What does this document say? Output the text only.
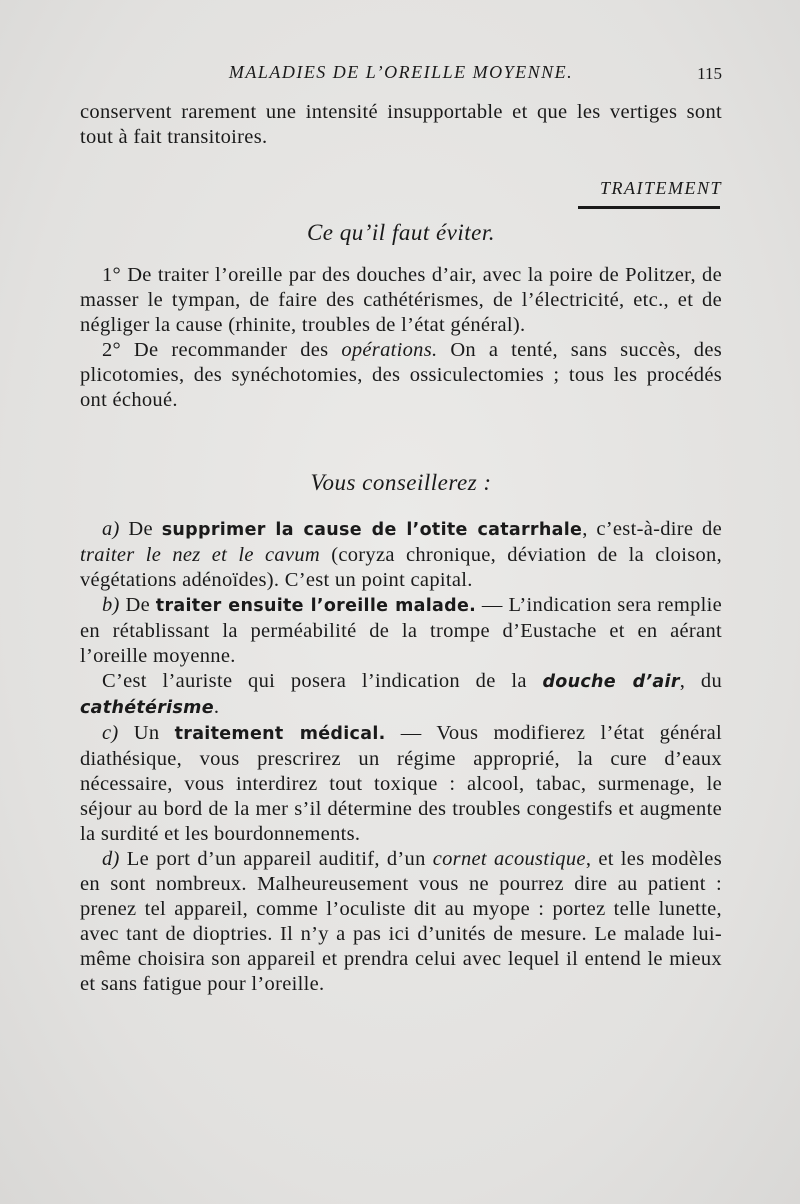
MALADIES DE L’OREILLE MOYENNE.	115

conservent rarement une intensité insupportable et que les vertiges sont tout à fait transitoires.

TRAITEMENT
Ce qu’il faut éviter.

1° De traiter l’oreille par des douches d’air, avec la poire de Politzer, de masser le tympan, de faire des cathétérismes, de l’électricité, etc., et de négliger la cause (rhinite, troubles de l’état général).

2° De recommander des opérations. On a tenté, sans succès, des plicotomies, des synéchotomies, des ossiculectomies ; tous les procédés ont échoué.

Vous conseillerez :

a) De supprimer la cause de l’otite catarrhale, c’est-à-dire de traiter le nez et le cavum (coryza chronique, déviation de la cloison, végétations adénoïdes). C’est un point capital.

b) De traiter ensuite l’oreille malade. — L’indication sera remplie en rétablissant la perméabilité de la trompe d’Eustache et en aérant l’oreille moyenne.

C’est l’auriste qui posera l’indication de la douche d’air, du cathétérisme.

c) Un traitement médical. — Vous modifierez l’état général diathésique, vous prescrirez un régime approprié, la cure d’eaux nécessaire, vous interdirez tout toxique : alcool, tabac, surmenage, le séjour au bord de la mer s’il détermine des troubles congestifs et augmente la surdité et les bourdonnements.

d) Le port d’un appareil auditif, d’un cornet acoustique, et les modèles en sont nombreux. Malheureusement vous ne pourrez dire au patient : prenez tel appareil, comme l’oculiste dit au myope : portez telle lunette, avec tant de dioptries. Il n’y a pas ici d’unités de mesure. Le malade lui-même choisira son appareil et prendra celui avec lequel il entend le mieux et sans fatigue pour l’oreille.
